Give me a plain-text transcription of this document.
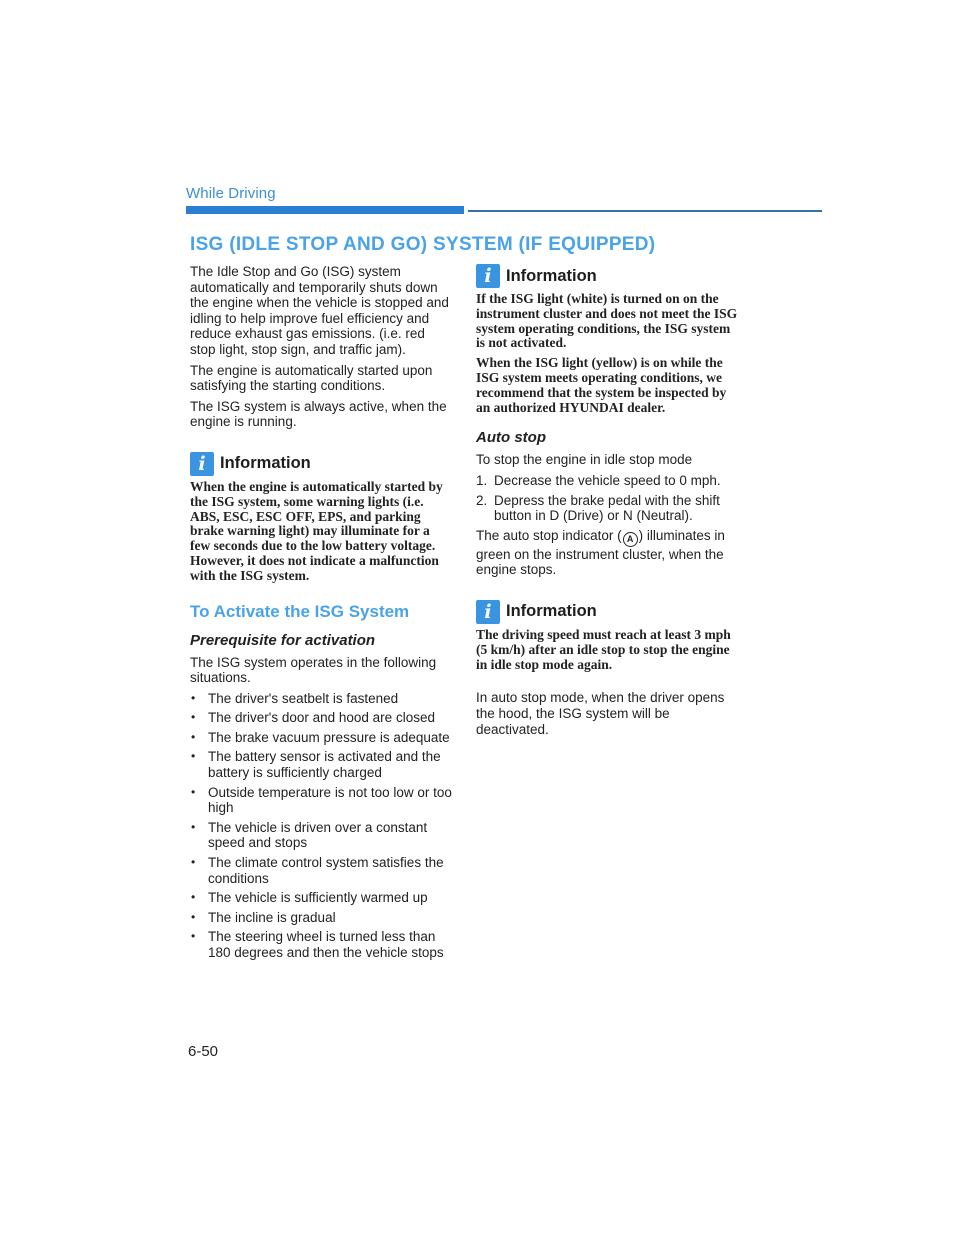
While Driving
ISG (IDLE STOP AND GO) SYSTEM (IF EQUIPPED)

The Idle Stop and Go (ISG) system automatically and temporarily shuts down the engine when the vehicle is stopped and idling to help improve fuel efficiency and reduce exhaust gas emissions. (i.e. red stop light, stop sign, and traffic jam).

The engine is automatically started upon satisfying the starting conditions.

The ISG system is always active, when the engine is running.

i Information

When the engine is automatically started by the ISG system, some warning lights (i.e. ABS, ESC, ESC OFF, EPS, and parking brake warning light) may illuminate for a few seconds due to the low battery voltage. However, it does not indicate a malfunction with the ISG system.

To Activate the ISG System
Prerequisite for activation

The ISG system operates in the following situations.

• The driver's seatbelt is fastened
• The driver's door and hood are closed
• The brake vacuum pressure is adequate
• The battery sensor is activated and the battery is sufficiently charged
• Outside temperature is not too low or too high
• The vehicle is driven over a constant speed and stops
• The climate control system satisfies the conditions
• The vehicle is sufficiently warmed up
• The incline is gradual
• The steering wheel is turned less than 180 degrees and then the vehicle stops
i Information

If the ISG light (white) is turned on on the instrument cluster and does not meet the ISG system operating conditions, the ISG system is not activated.

When the ISG light (yellow) is on while the ISG system meets operating conditions, we recommend that the system be inspected by an authorized HYUNDAI dealer.

Auto stop

To stop the engine in idle stop mode

1. Decrease the vehicle speed to 0 mph.
2. Depress the brake pedal with the shift button in D (Drive) or N (Neutral).

The auto stop indicator ( A ) illuminates in green on the instrument cluster, when the engine stops.

i Information

The driving speed must reach at least 3 mph (5 km/h) after an idle stop to stop the engine in idle stop mode again.

In auto stop mode, when the driver opens the hood, the ISG system will be deactivated.

6-50
